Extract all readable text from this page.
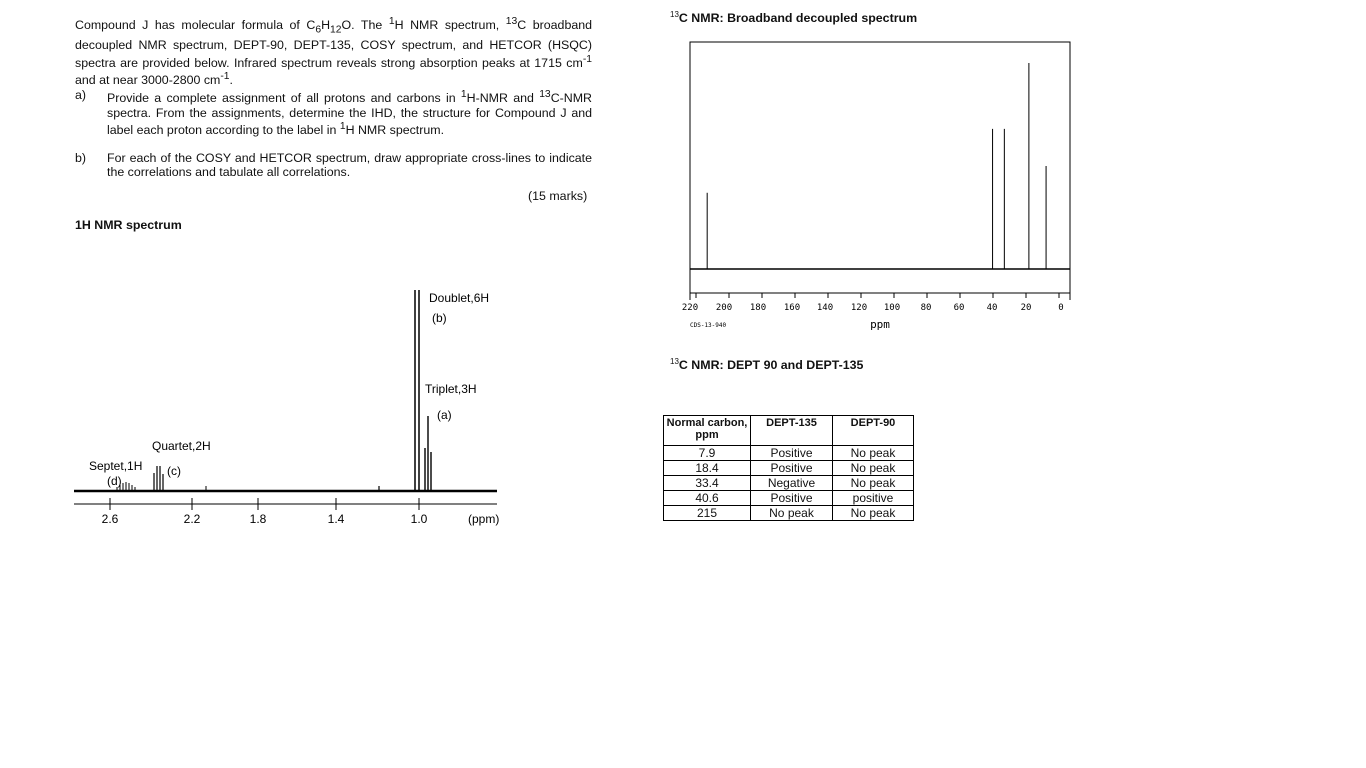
Compound J has molecular formula of $C_6H_{12}O$. The $^1$H NMR spectrum, $^{13}$C broadband decoupled NMR spectrum, DEPT-90, DEPT-135, COSY spectrum, and HETCOR (HSQC) spectra are provided below. Infrared spectrum reveals strong absorption peaks at 1715 $cm^{-1}$ and at near 3000-2800 $cm^{-1}$.
a) Provide a complete assignment of all protons and carbons in $^1$H-NMR and $^{13}$C-NMR spectra. From the assignments, determine the IHD, the structure for Compound J and label each proton according to the label in $^1$H NMR spectrum.
b) For each of the COSY and HETCOR spectrum, draw appropriate cross-lines to indicate the correlations and tabulate all correlations.
(15 marks)
1H NMR spectrum
2.6	2.2	1.8	1.4	1.0	(ppm)
Doublet,6H
(b)
Triplet,3H
(a)
Quartet,2H
(c)
Septet,1H
(d)
$^{13}$C NMR: Broadband decoupled spectrum
220 200 180 160 140 120 100 80 60 40	20	0
CDS-13-940	ppm
$^{13}$C NMR: DEPT 90 and DEPT-135
Normal carbon, ppm	DEPT-135	DEPT-90
7.9	Positive	No peak
18.4	Positive	No peak
33.4	Negative	No peak
40.6	Positive	positive
215	No peak	No peak
